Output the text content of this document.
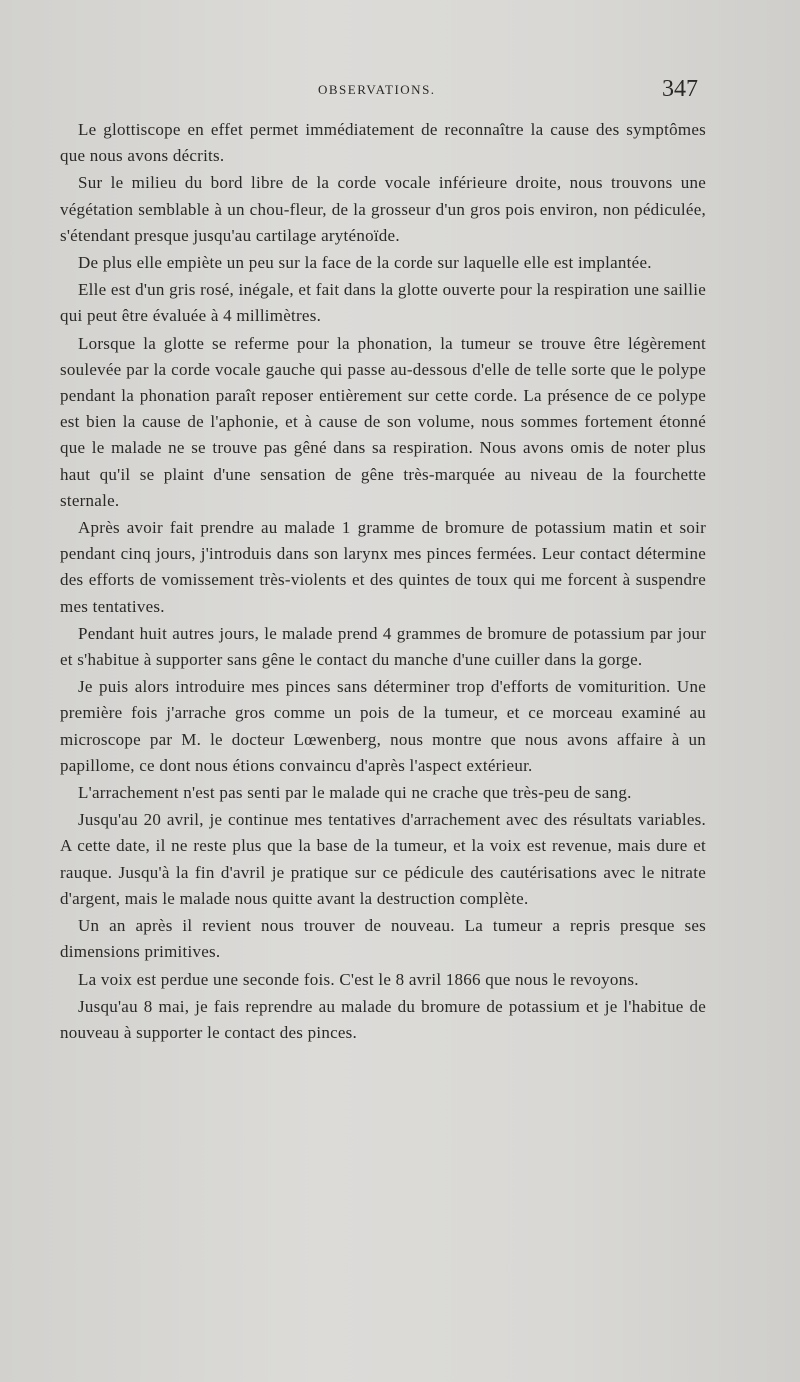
OBSERVATIONS.	347

Le glottiscope en effet permet immédiatement de reconnaître la cause des symptômes que nous avons décrits.

Sur le milieu du bord libre de la corde vocale inférieure droite, nous trouvons une végétation semblable à un chou-fleur, de la grosseur d'un gros pois environ, non pédiculée, s'étendant presque jusqu'au cartilage aryténoïde.

De plus elle empiète un peu sur la face de la corde sur laquelle elle est implantée.

Elle est d'un gris rosé, inégale, et fait dans la glotte ouverte pour la respiration une saillie qui peut être évaluée à 4 millimètres.

Lorsque la glotte se referme pour la phonation, la tumeur se trouve être légèrement soulevée par la corde vocale gauche qui passe au-dessous d'elle de telle sorte que le polype pendant la phonation paraît reposer entièrement sur cette corde. La présence de ce polype est bien la cause de l'aphonie, et à cause de son volume, nous sommes fortement étonné que le malade ne se trouve pas gêné dans sa respiration. Nous avons omis de noter plus haut qu'il se plaint d'une sensation de gêne très-marquée au niveau de la fourchette sternale.

Après avoir fait prendre au malade 1 gramme de bromure de potassium matin et soir pendant cinq jours, j'introduis dans son larynx mes pinces fermées. Leur contact détermine des efforts de vomissement très-violents et des quintes de toux qui me forcent à suspendre mes tentatives.

Pendant huit autres jours, le malade prend 4 grammes de bromure de potassium par jour et s'habitue à supporter sans gêne le contact du manche d'une cuiller dans la gorge.

Je puis alors introduire mes pinces sans déterminer trop d'efforts de vomiturition. Une première fois j'arrache gros comme un pois de la tumeur, et ce morceau examiné au microscope par M. le docteur Lœwenberg, nous montre que nous avons affaire à un papillome, ce dont nous étions convaincu d'après l'aspect extérieur.

L'arrachement n'est pas senti par le malade qui ne crache que très-peu de sang.

Jusqu'au 20 avril, je continue mes tentatives d'arrachement avec des résultats variables. A cette date, il ne reste plus que la base de la tumeur, et la voix est revenue, mais dure et rauque. Jusqu'à la fin d'avril je pratique sur ce pédicule des cautérisations avec le nitrate d'argent, mais le malade nous quitte avant la destruction complète.

Un an après il revient nous trouver de nouveau. La tumeur a repris presque ses dimensions primitives.

La voix est perdue une seconde fois. C'est le 8 avril 1866 que nous le revoyons.

Jusqu'au 8 mai, je fais reprendre au malade du bromure de potassium et je l'habitue de nouveau à supporter le contact des pinces.
